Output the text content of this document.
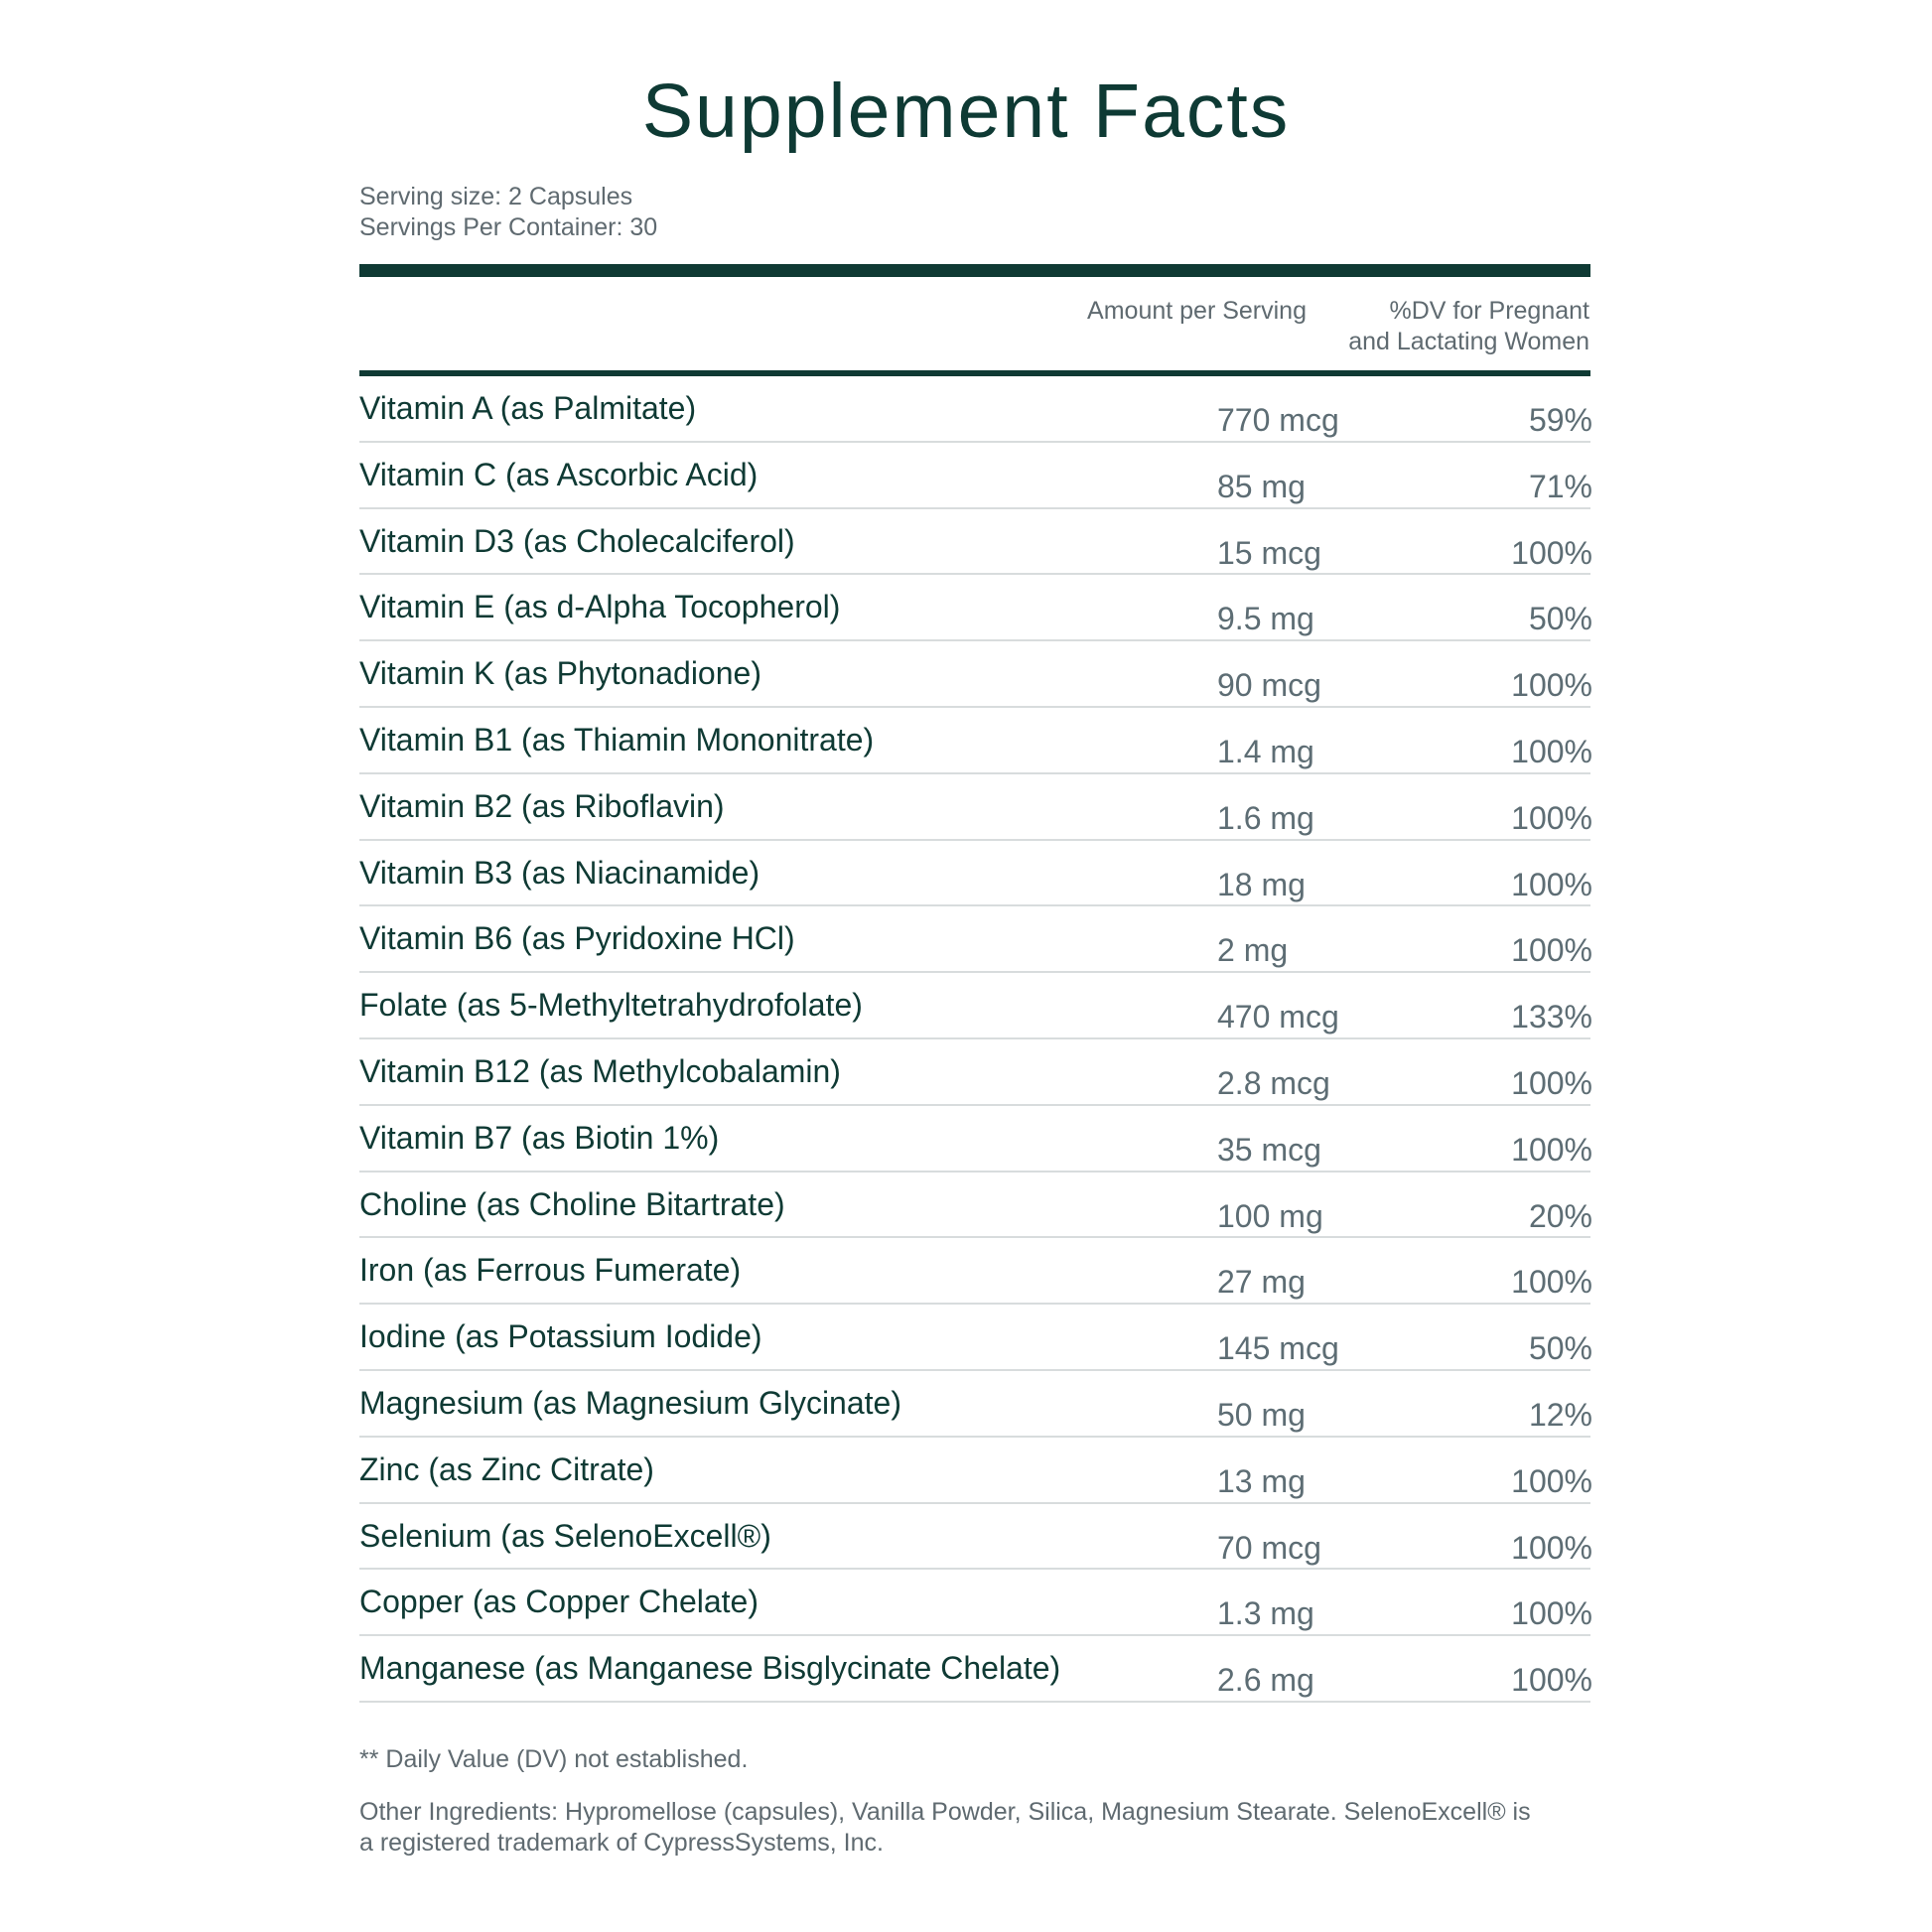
Supplement Facts
Serving size: 2 Capsules
Servings Per Container: 30
Amount per Serving	%DV for Pregnant
and Lactating Women
Vitamin A (as Palmitate)	770 mcg	59%
Vitamin C (as Ascorbic Acid)	85 mg	71%
Vitamin D3 (as Cholecalciferol)	15 mcg	100%
Vitamin E (as d-Alpha Tocopherol)	9.5 mg	50%
Vitamin K (as Phytonadione)	90 mcg	100%
Vitamin B1 (as Thiamin Mononitrate)	1.4 mg	100%
Vitamin B2 (as Riboflavin)	1.6 mg	100%
Vitamin B3 (as Niacinamide)	18 mg	100%
Vitamin B6 (as Pyridoxine HCl)	2 mg	100%
Folate (as 5-Methyltetrahydrofolate)	470 mcg	133%
Vitamin B12 (as Methylcobalamin)	2.8 mcg	100%
Vitamin B7 (as Biotin 1%)	35 mcg	100%
Choline (as Choline Bitartrate)	100 mg	20%
Iron (as Ferrous Fumerate)	27 mg	100%
Iodine (as Potassium Iodide)	145 mcg	50%
Magnesium (as Magnesium Glycinate)	50 mg	12%
Zinc (as Zinc Citrate)	13 mg	100%
Selenium (as SelenoExcell®)	70 mcg	100%
Copper (as Copper Chelate)	1.3 mg	100%
Manganese (as Manganese Bisglycinate Chelate)	2.6 mg	100%
** Daily Value (DV) not established.
Other Ingredients: Hypromellose (capsules), Vanilla Powder, Silica, Magnesium Stearate. SelenoExcell® is
a registered trademark of CypressSystems, Inc.
